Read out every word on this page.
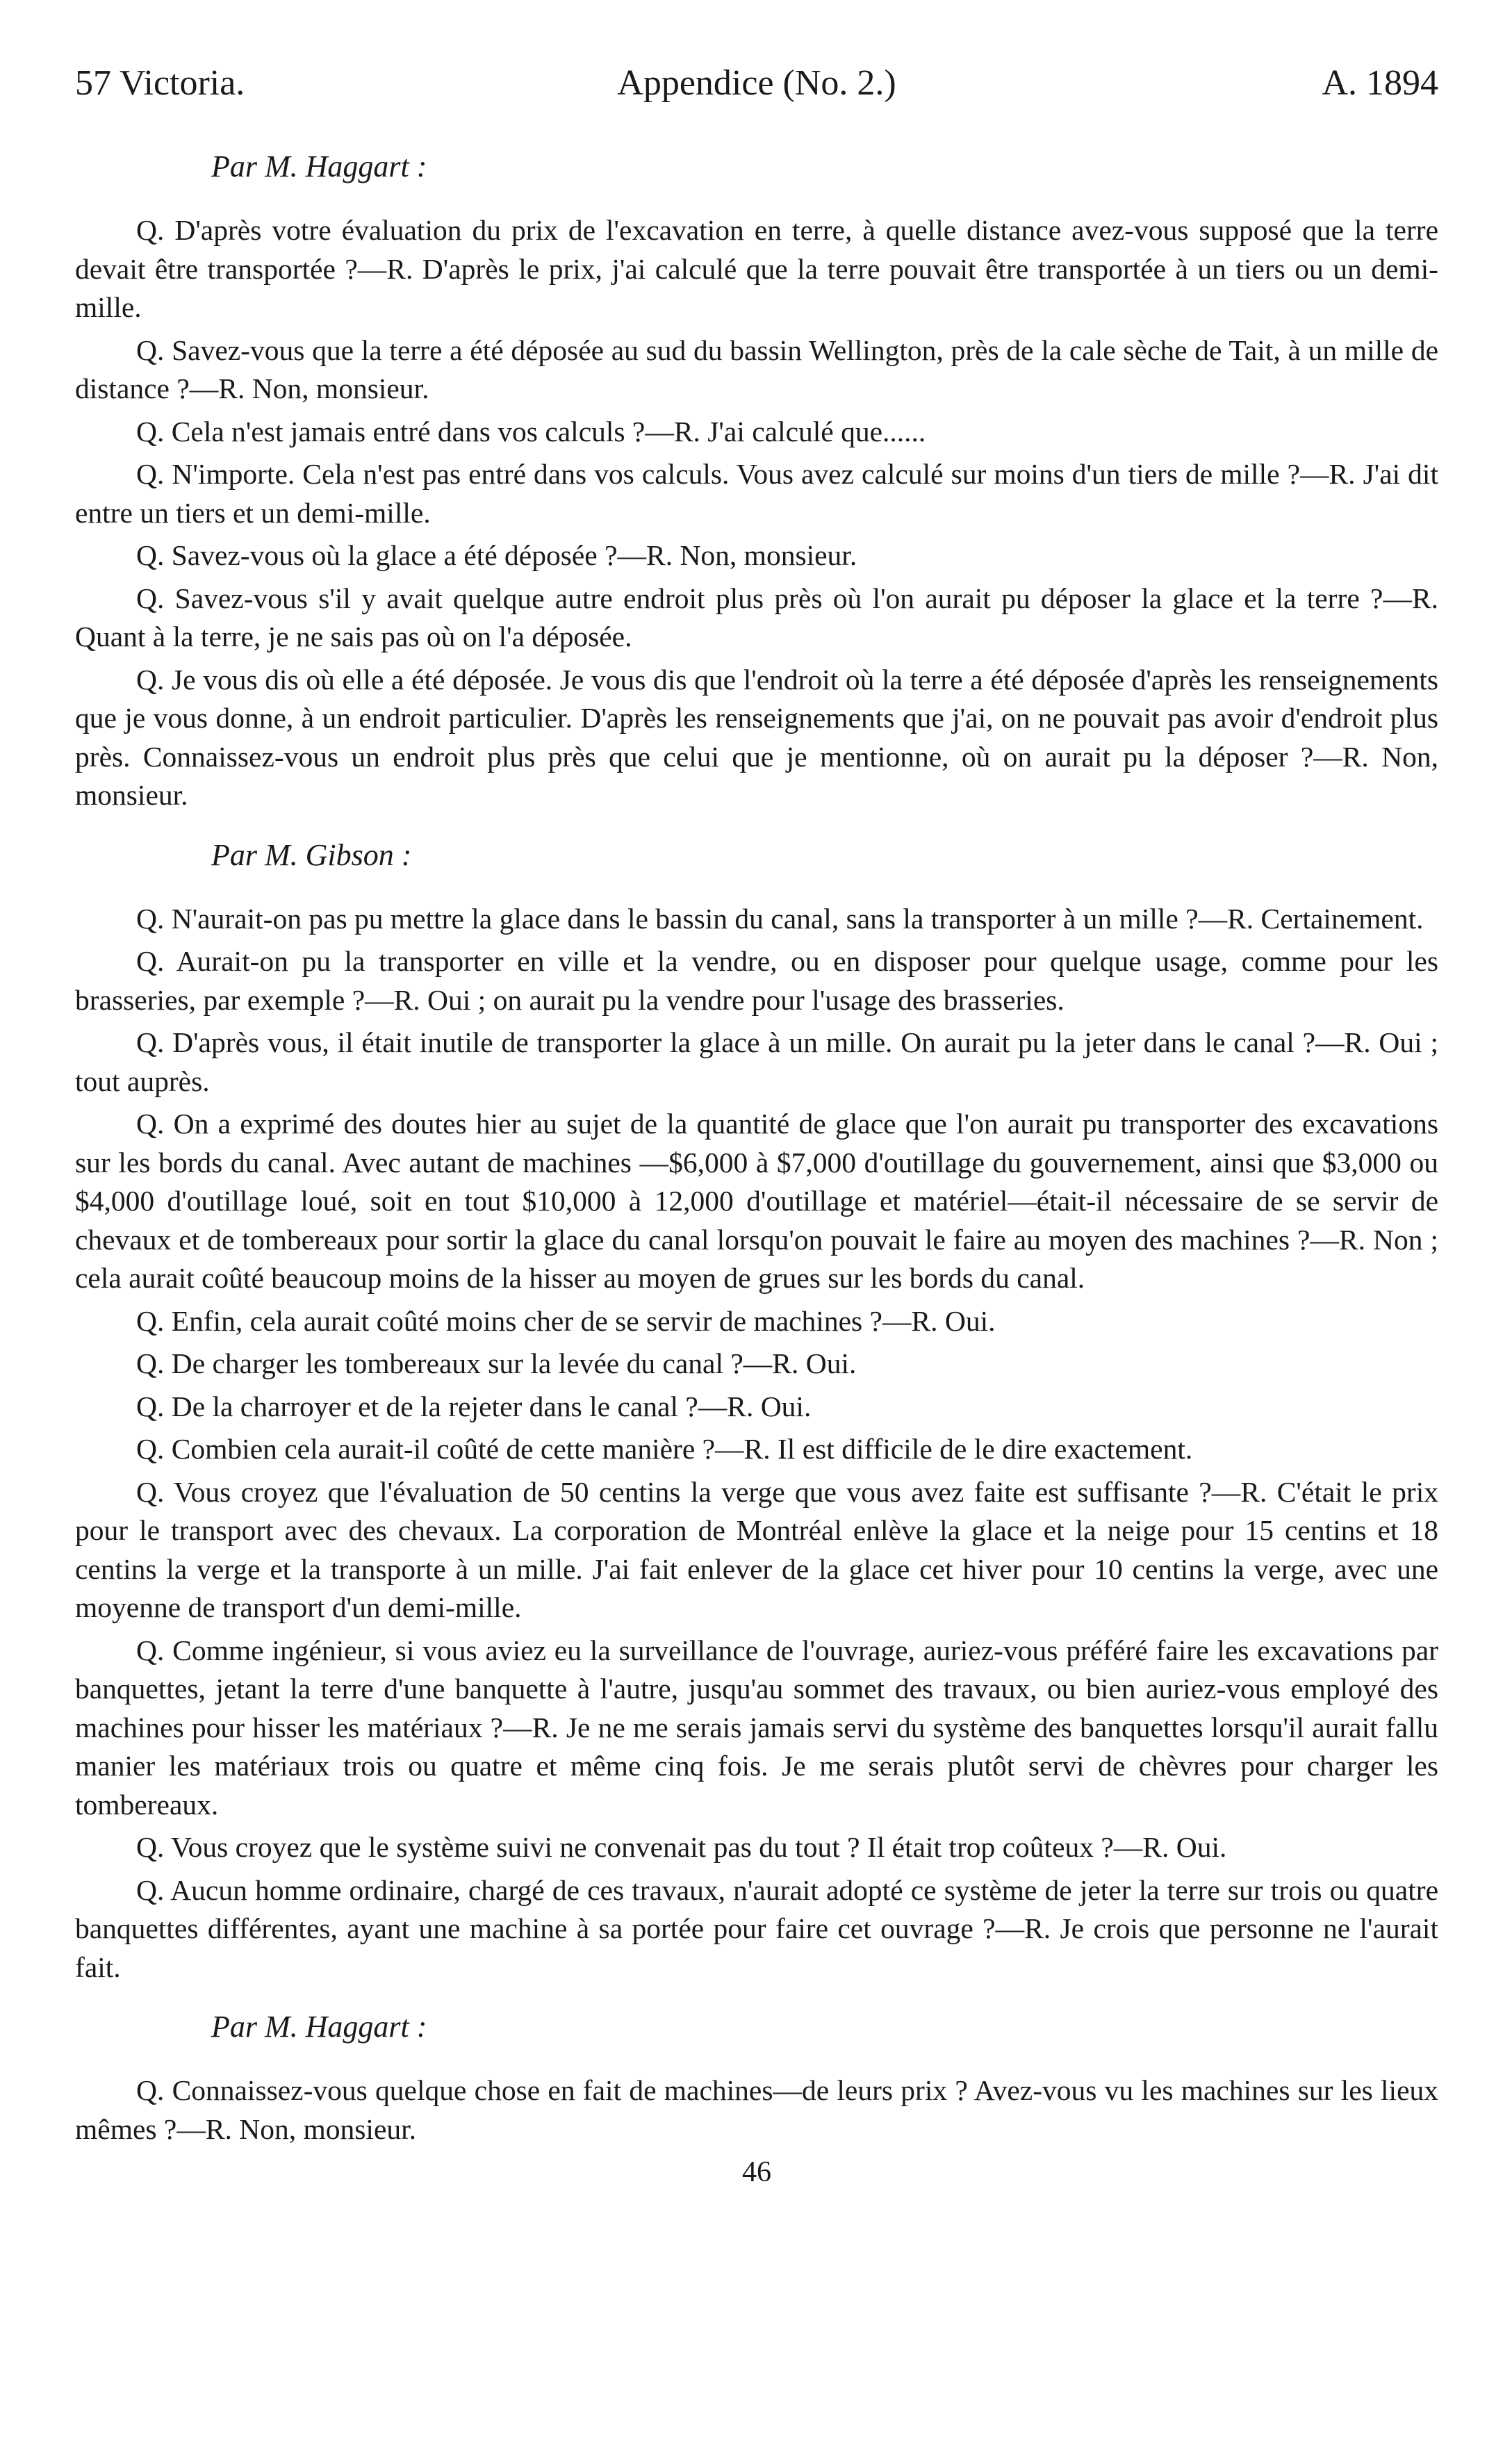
57 Victoria.	Appendice (No. 2.)	A. 1894
Par M. Haggart :

Q. D'après votre évaluation du prix de l'excavation en terre, à quelle distance avez-vous supposé que la terre devait être transportée ?—R. D'après le prix, j'ai calculé que la terre pouvait être transportée à un tiers ou un demi-mille.

Q. Savez-vous que la terre a été déposée au sud du bassin Wellington, près de la cale sèche de Tait, à un mille de distance ?—R. Non, monsieur.

Q. Cela n'est jamais entré dans vos calculs ?—R. J'ai calculé que......

Q. N'importe. Cela n'est pas entré dans vos calculs. Vous avez calculé sur moins d'un tiers de mille ?—R. J'ai dit entre un tiers et un demi-mille.

Q. Savez-vous où la glace a été déposée ?—R. Non, monsieur.

Q. Savez-vous s'il y avait quelque autre endroit plus près où l'on aurait pu déposer la glace et la terre ?—R. Quant à la terre, je ne sais pas où on l'a déposée.

Q. Je vous dis où elle a été déposée. Je vous dis que l'endroit où la terre a été déposée d'après les renseignements que je vous donne, à un endroit particulier. D'après les renseignements que j'ai, on ne pouvait pas avoir d'endroit plus près. Connaissez-vous un endroit plus près que celui que je mentionne, où on aurait pu la déposer ?—R. Non, monsieur.

Par M. Gibson :

Q. N'aurait-on pas pu mettre la glace dans le bassin du canal, sans la transporter à un mille ?—R. Certainement.

Q. Aurait-on pu la transporter en ville et la vendre, ou en disposer pour quelque usage, comme pour les brasseries, par exemple ?—R. Oui ; on aurait pu la vendre pour l'usage des brasseries.

Q. D'après vous, il était inutile de transporter la glace à un mille. On aurait pu la jeter dans le canal ?—R. Oui ; tout auprès.

Q. On a exprimé des doutes hier au sujet de la quantité de glace que l'on aurait pu transporter des excavations sur les bords du canal. Avec autant de machines —$6,000 à $7,000 d'outillage du gouvernement, ainsi que $3,000 ou $4,000 d'outillage loué, soit en tout $10,000 à 12,000 d'outillage et matériel—était-il nécessaire de se servir de chevaux et de tombereaux pour sortir la glace du canal lorsqu'on pouvait le faire au moyen des machines ?—R. Non ; cela aurait coûté beaucoup moins de la hisser au moyen de grues sur les bords du canal.

Q. Enfin, cela aurait coûté moins cher de se servir de machines ?—R. Oui.

Q. De charger les tombereaux sur la levée du canal ?—R. Oui.

Q. De la charroyer et de la rejeter dans le canal ?—R. Oui.

Q. Combien cela aurait-il coûté de cette manière ?—R. Il est difficile de le dire exactement.

Q. Vous croyez que l'évaluation de 50 centins la verge que vous avez faite est suffisante ?—R. C'était le prix pour le transport avec des chevaux. La corporation de Montréal enlève la glace et la neige pour 15 centins et 18 centins la verge et la transporte à un mille. J'ai fait enlever de la glace cet hiver pour 10 centins la verge, avec une moyenne de transport d'un demi-mille.

Q. Comme ingénieur, si vous aviez eu la surveillance de l'ouvrage, auriez-vous préféré faire les excavations par banquettes, jetant la terre d'une banquette à l'autre, jusqu'au sommet des travaux, ou bien auriez-vous employé des machines pour hisser les matériaux ?—R. Je ne me serais jamais servi du système des banquettes lorsqu'il aurait fallu manier les matériaux trois ou quatre et même cinq fois. Je me serais plutôt servi de chèvres pour charger les tombereaux.

Q. Vous croyez que le système suivi ne convenait pas du tout ? Il était trop coûteux ?—R. Oui.

Q. Aucun homme ordinaire, chargé de ces travaux, n'aurait adopté ce système de jeter la terre sur trois ou quatre banquettes différentes, ayant une machine à sa portée pour faire cet ouvrage ?—R. Je crois que personne ne l'aurait fait.

Par M. Haggart :

Q. Connaissez-vous quelque chose en fait de machines—de leurs prix ? Avez-vous vu les machines sur les lieux mêmes ?—R. Non, monsieur.

46
